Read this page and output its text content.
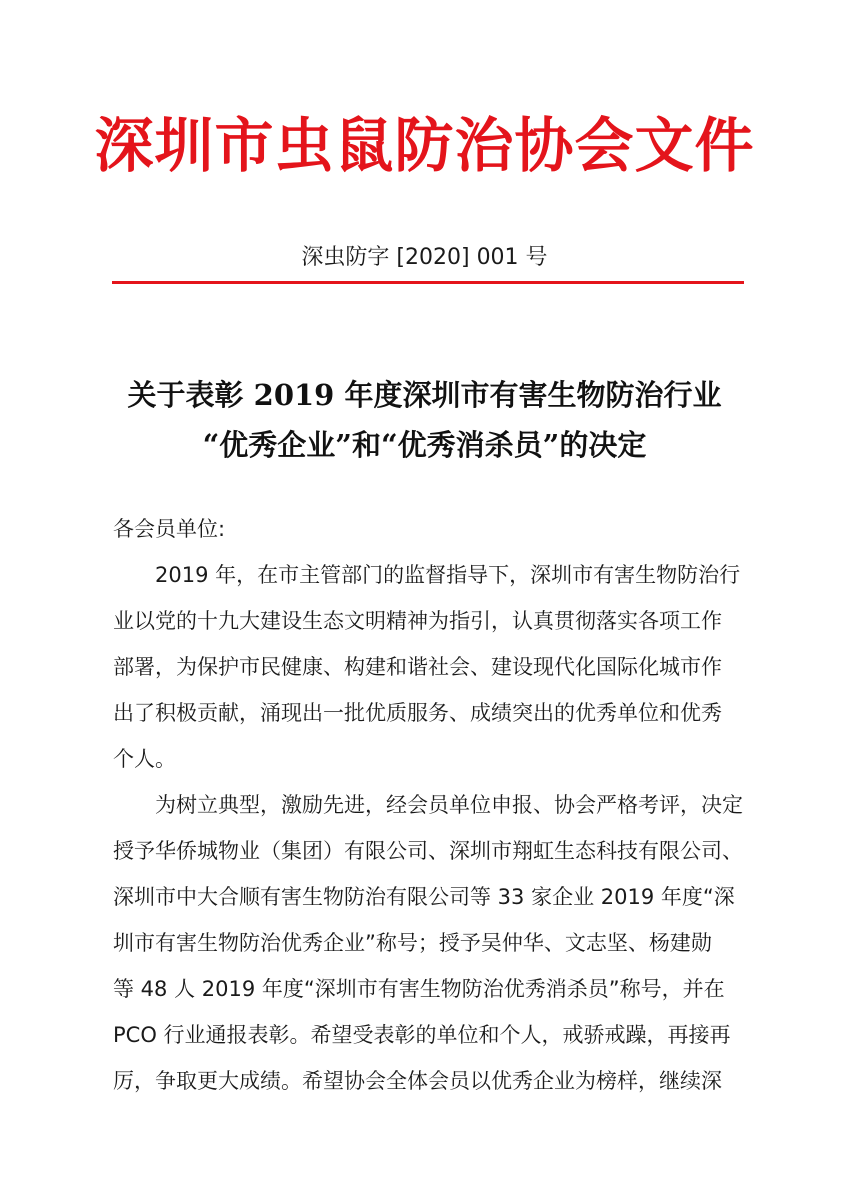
深圳市虫鼠防治协会文件
深虫防字 [2020] 001 号
关于表彰 2019 年度深圳市有害生物防治行业
“优秀企业”和“优秀消杀员”的决定
各会员单位:
2019 年，在市主管部门的监督指导下，深圳市有害生物防治行
业以党的十九大建设生态文明精神为指引，认真贯彻落实各项工作
部署，为保护市民健康、构建和谐社会、建设现代化国际化城市作
出了积极贡献，涌现出一批优质服务、成绩突出的优秀单位和优秀
个人。
为树立典型，激励先进，经会员单位申报、协会严格考评，决定
授予华侨城物业（集团）有限公司、深圳市翔虹生态科技有限公司、
深圳市中大合顺有害生物防治有限公司等 33 家企业 2019 年度“深
圳市有害生物防治优秀企业”称号；授予吴仲华、文志坚、杨建勋
等 48 人 2019 年度“深圳市有害生物防治优秀消杀员”称号，并在
PCO 行业通报表彰。希望受表彰的单位和个人，戒骄戒躁，再接再
厉，争取更大成绩。希望协会全体会员以优秀企业为榜样，继续深
